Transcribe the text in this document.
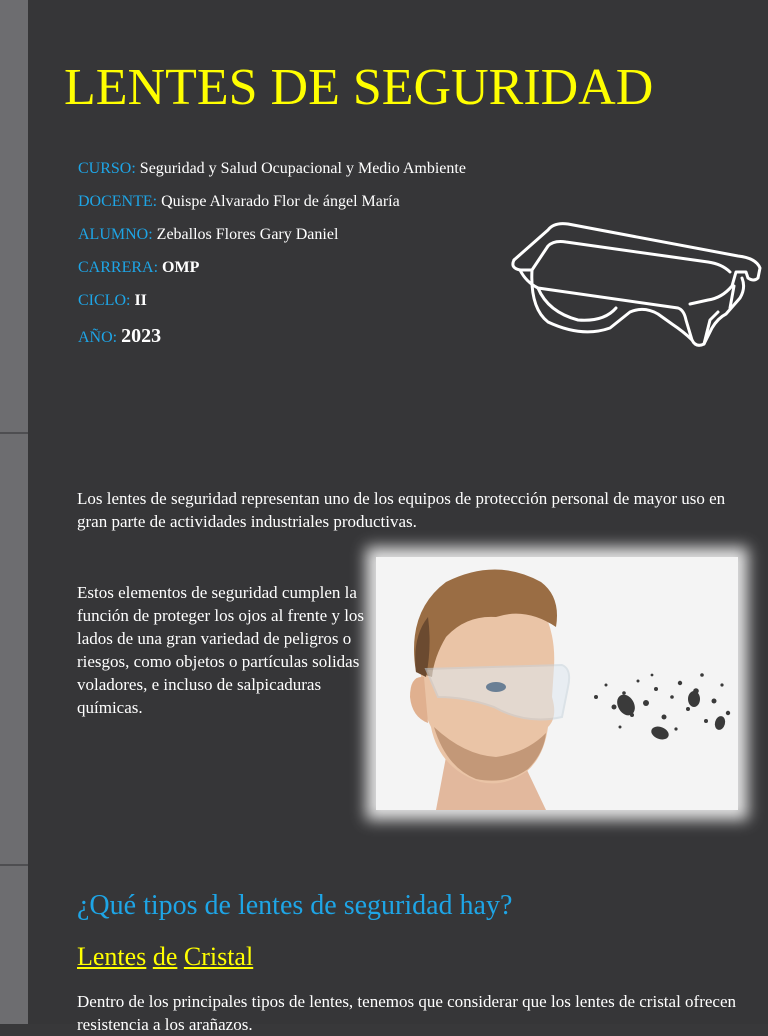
LENTES DE SEGURIDAD
CURSO: Seguridad y Salud Ocupacional y Medio Ambiente
DOCENTE: Quispe Alvarado Flor de ángel María
ALUMNO: Zeballos Flores Gary Daniel
CARRERA: OMP
CICLO: II
AÑO: 2023

Los lentes de seguridad representan uno de los equipos de protección personal de mayor uso en gran parte de actividades industriales productivas.

Estos elementos de seguridad cumplen la función de proteger los ojos al frente y los lados de una gran variedad de peligros o riesgos, como objetos o partículas solidas voladores, e incluso de salpicaduras químicas.

¿Qué tipos de lentes de seguridad hay?
Lentes de Cristal

Dentro de los principales tipos de lentes, tenemos que considerar que los lentes de cristal ofrecen resistencia a los arañazos.
